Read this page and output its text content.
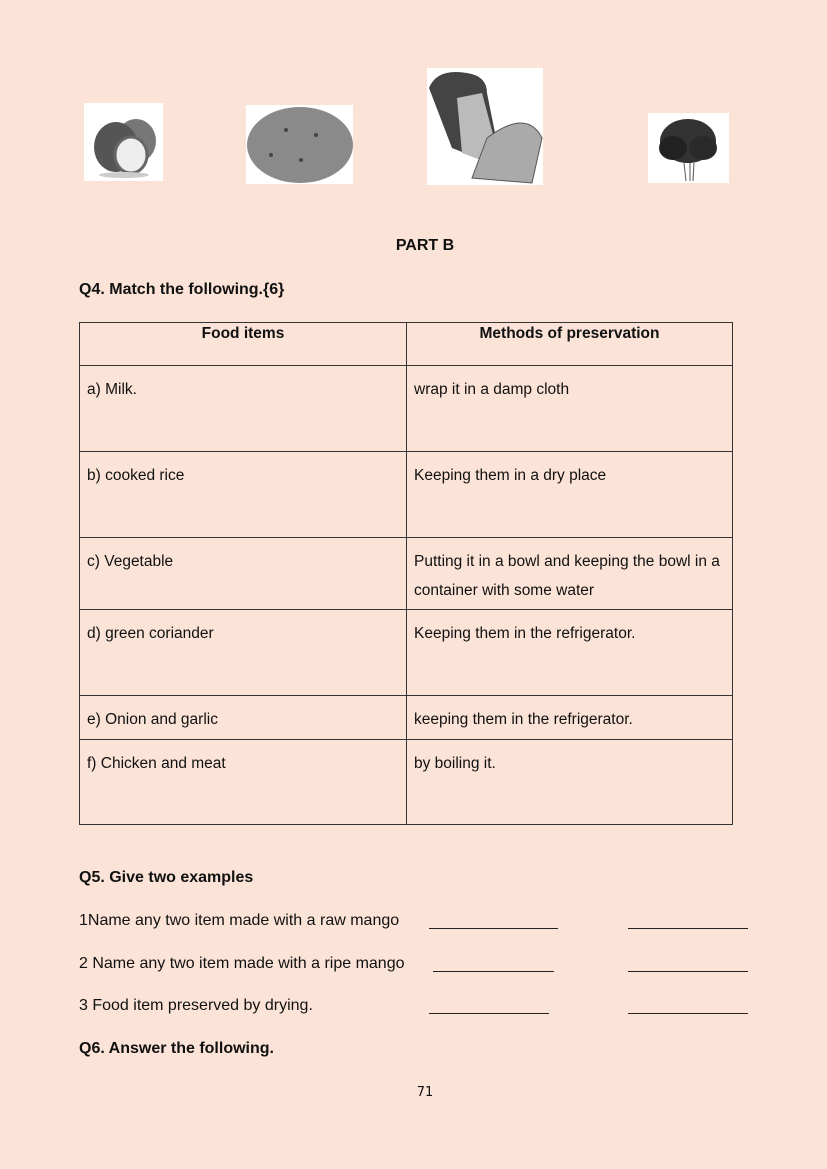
PART B
Q4. Match the following.{6}
Food items	Methods of preservation
a) Milk.	wrap it in a damp cloth
b) cooked rice	Keeping them in a dry place
c) Vegetable	Putting it in a bowl and keeping the bowl in a container with some water
d) green coriander	Keeping them in the refrigerator.
e) Onion and garlic	keeping them in the refrigerator.
f) Chicken and meat	by boiling it.
Q5. Give two examples
1Name any two item made with a raw mango
2 Name any two item made with a ripe mango
3 Food item preserved by drying.
Q6. Answer the following.
71
